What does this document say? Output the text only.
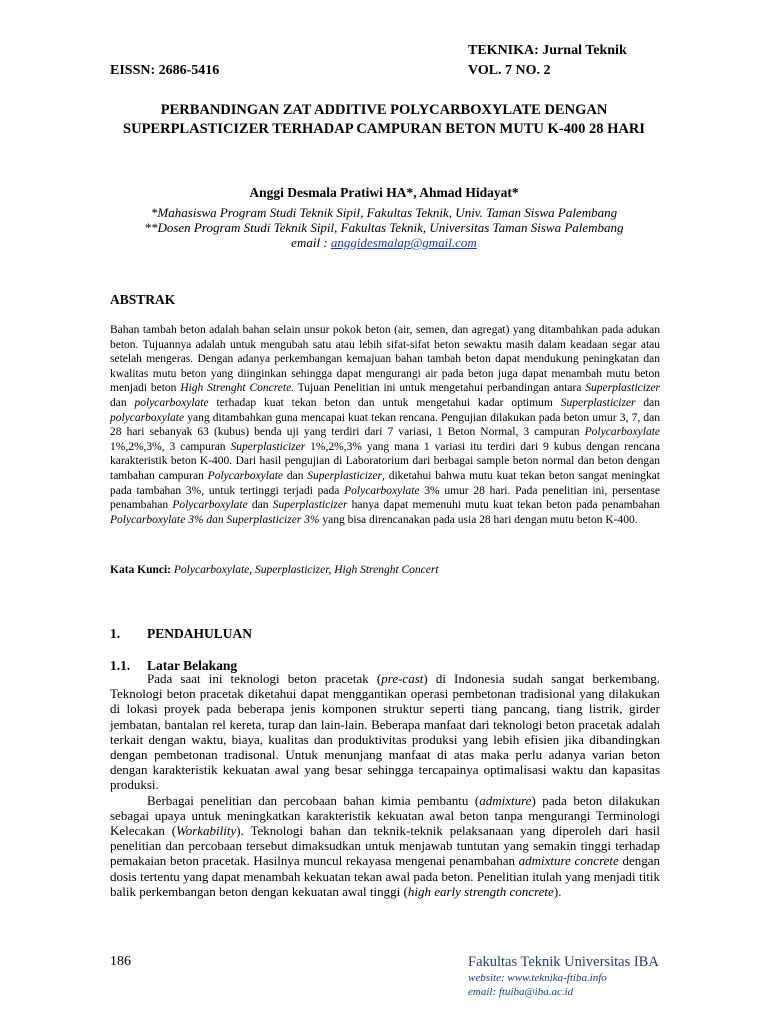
TEKNIKA: Jurnal Teknik
EISSN: 2686-5416	VOL. 7 NO. 2
PERBANDINGAN ZAT ADDITIVE POLYCARBOXYLATE DENGAN SUPERPLASTICIZER TERHADAP CAMPURAN BETON MUTU K-400 28 HARI
Anggi Desmala Pratiwi HA*, Ahmad Hidayat*
*Mahasiswa Program Studi Teknik Sipil, Fakultas Teknik, Univ. Taman Siswa Palembang
**Dosen Program Studi Teknik Sipil, Fakultas Teknik, Universitas Taman Siswa Palembang
email : anggidesmalap@gmail.com
ABSTRAK
Bahan tambah beton adalah bahan selain unsur pokok beton (air, semen, dan agregat) yang ditambahkan pada adukan beton. Tujuannya adalah untuk mengubah satu atau lebih sifat-sifat beton sewaktu masih dalam keadaan segar atau setelah mengeras. Dengan adanya perkembangan kemajuan bahan tambah beton dapat mendukung peningkatan dan kwalitas mutu beton yang diinginkan sehingga dapat mengurangi air pada beton juga dapat menambah mutu beton menjadi beton High Strenght Concrete. Tujuan Penelitian ini untuk mengetahui perbandingan antara Superplasticizer dan polycarboxylate terhadap kuat tekan beton dan untuk mengetahui kadar optimum Superplasticizer dan polycarboxylate yang ditambahkan guna mencapai kuat tekan rencana. Pengujian dilakukan pada beton umur 3, 7, dan 28 hari sebanyak 63 (kubus) benda uji yang terdiri dari 7 variasi, 1 Beton Normal, 3 campuran Polycarboxylate 1%,2%,3%, 3 campuran Superplasticizer 1%,2%,3% yang mana 1 variasi itu terdiri dari 9 kubus dengan rencana karakteristik beton K-400. Dari hasil pengujian di Laboratorium dari berbagai sample beton normal dan beton dengan tambahan campuran Polycarboxylate dan Superplasticizer, diketahui bahwa mutu kuat tekan beton sangat meningkat pada tambahan 3%, untuk tertinggi terjadi pada Polycarboxylate 3% umur 28 hari. Pada penelitian ini, persentase penambahan Polycarboxylate dan Superplasticizer hanya dapat memenuhi mutu kuat tekan beton pada penambahan Polycarboxylate 3% dan Superplasticizer 3% yang bisa direncanakan pada usia 28 hari dengan mutu beton K-400.
Kata Kunci: Polycarboxylate, Superplasticizer, High Strenght Concert
1. PENDAHULUAN
1.1. Latar Belakang

Pada saat ini teknologi beton pracetak (pre-cast) di Indonesia sudah sangat berkembang. Teknologi beton pracetak diketahui dapat menggantikan operasi pembetonan tradisional yang dilakukan di lokasi proyek pada beberapa jenis komponen struktur seperti tiang pancang, tiang listrik, girder jembatan, bantalan rel kereta, turap dan lain-lain. Beberapa manfaat dari teknologi beton pracetak adalah terkait dengan waktu, biaya, kualitas dan produktivitas produksi yang lebih efisien jika dibandingkan dengan pembetonan tradisonal. Untuk menunjang manfaat di atas maka perlu adanya varian beton dengan karakteristik kekuatan awal yang besar sehingga tercapainya optimalisasi waktu dan kapasitas produksi.

Berbagai penelitian dan percobaan bahan kimia pembantu (admixture) pada beton dilakukan sebagai upaya untuk meningkatkan karakteristik kekuatan awal beton tanpa mengurangi Terminologi Kelecakan (Workability). Teknologi bahan dan teknik-teknik pelaksanaan yang diperoleh dari hasil penelitian dan percobaan tersebut dimaksudkan untuk menjawab tuntutan yang semakin tinggi terhadap pemakaian beton pracetak. Hasilnya muncul rekayasa mengenai penambahan admixture concrete dengan dosis tertentu yang dapat menambah kekuatan tekan awal pada beton. Penelitian itulah yang menjadi titik balik perkembangan beton dengan kekuatan awal tinggi (high early strength concrete).

186	Fakultas Teknik Universitas IBA
website: www.teknika-ftiba.info
email: ftuiba@iba.ac.id
